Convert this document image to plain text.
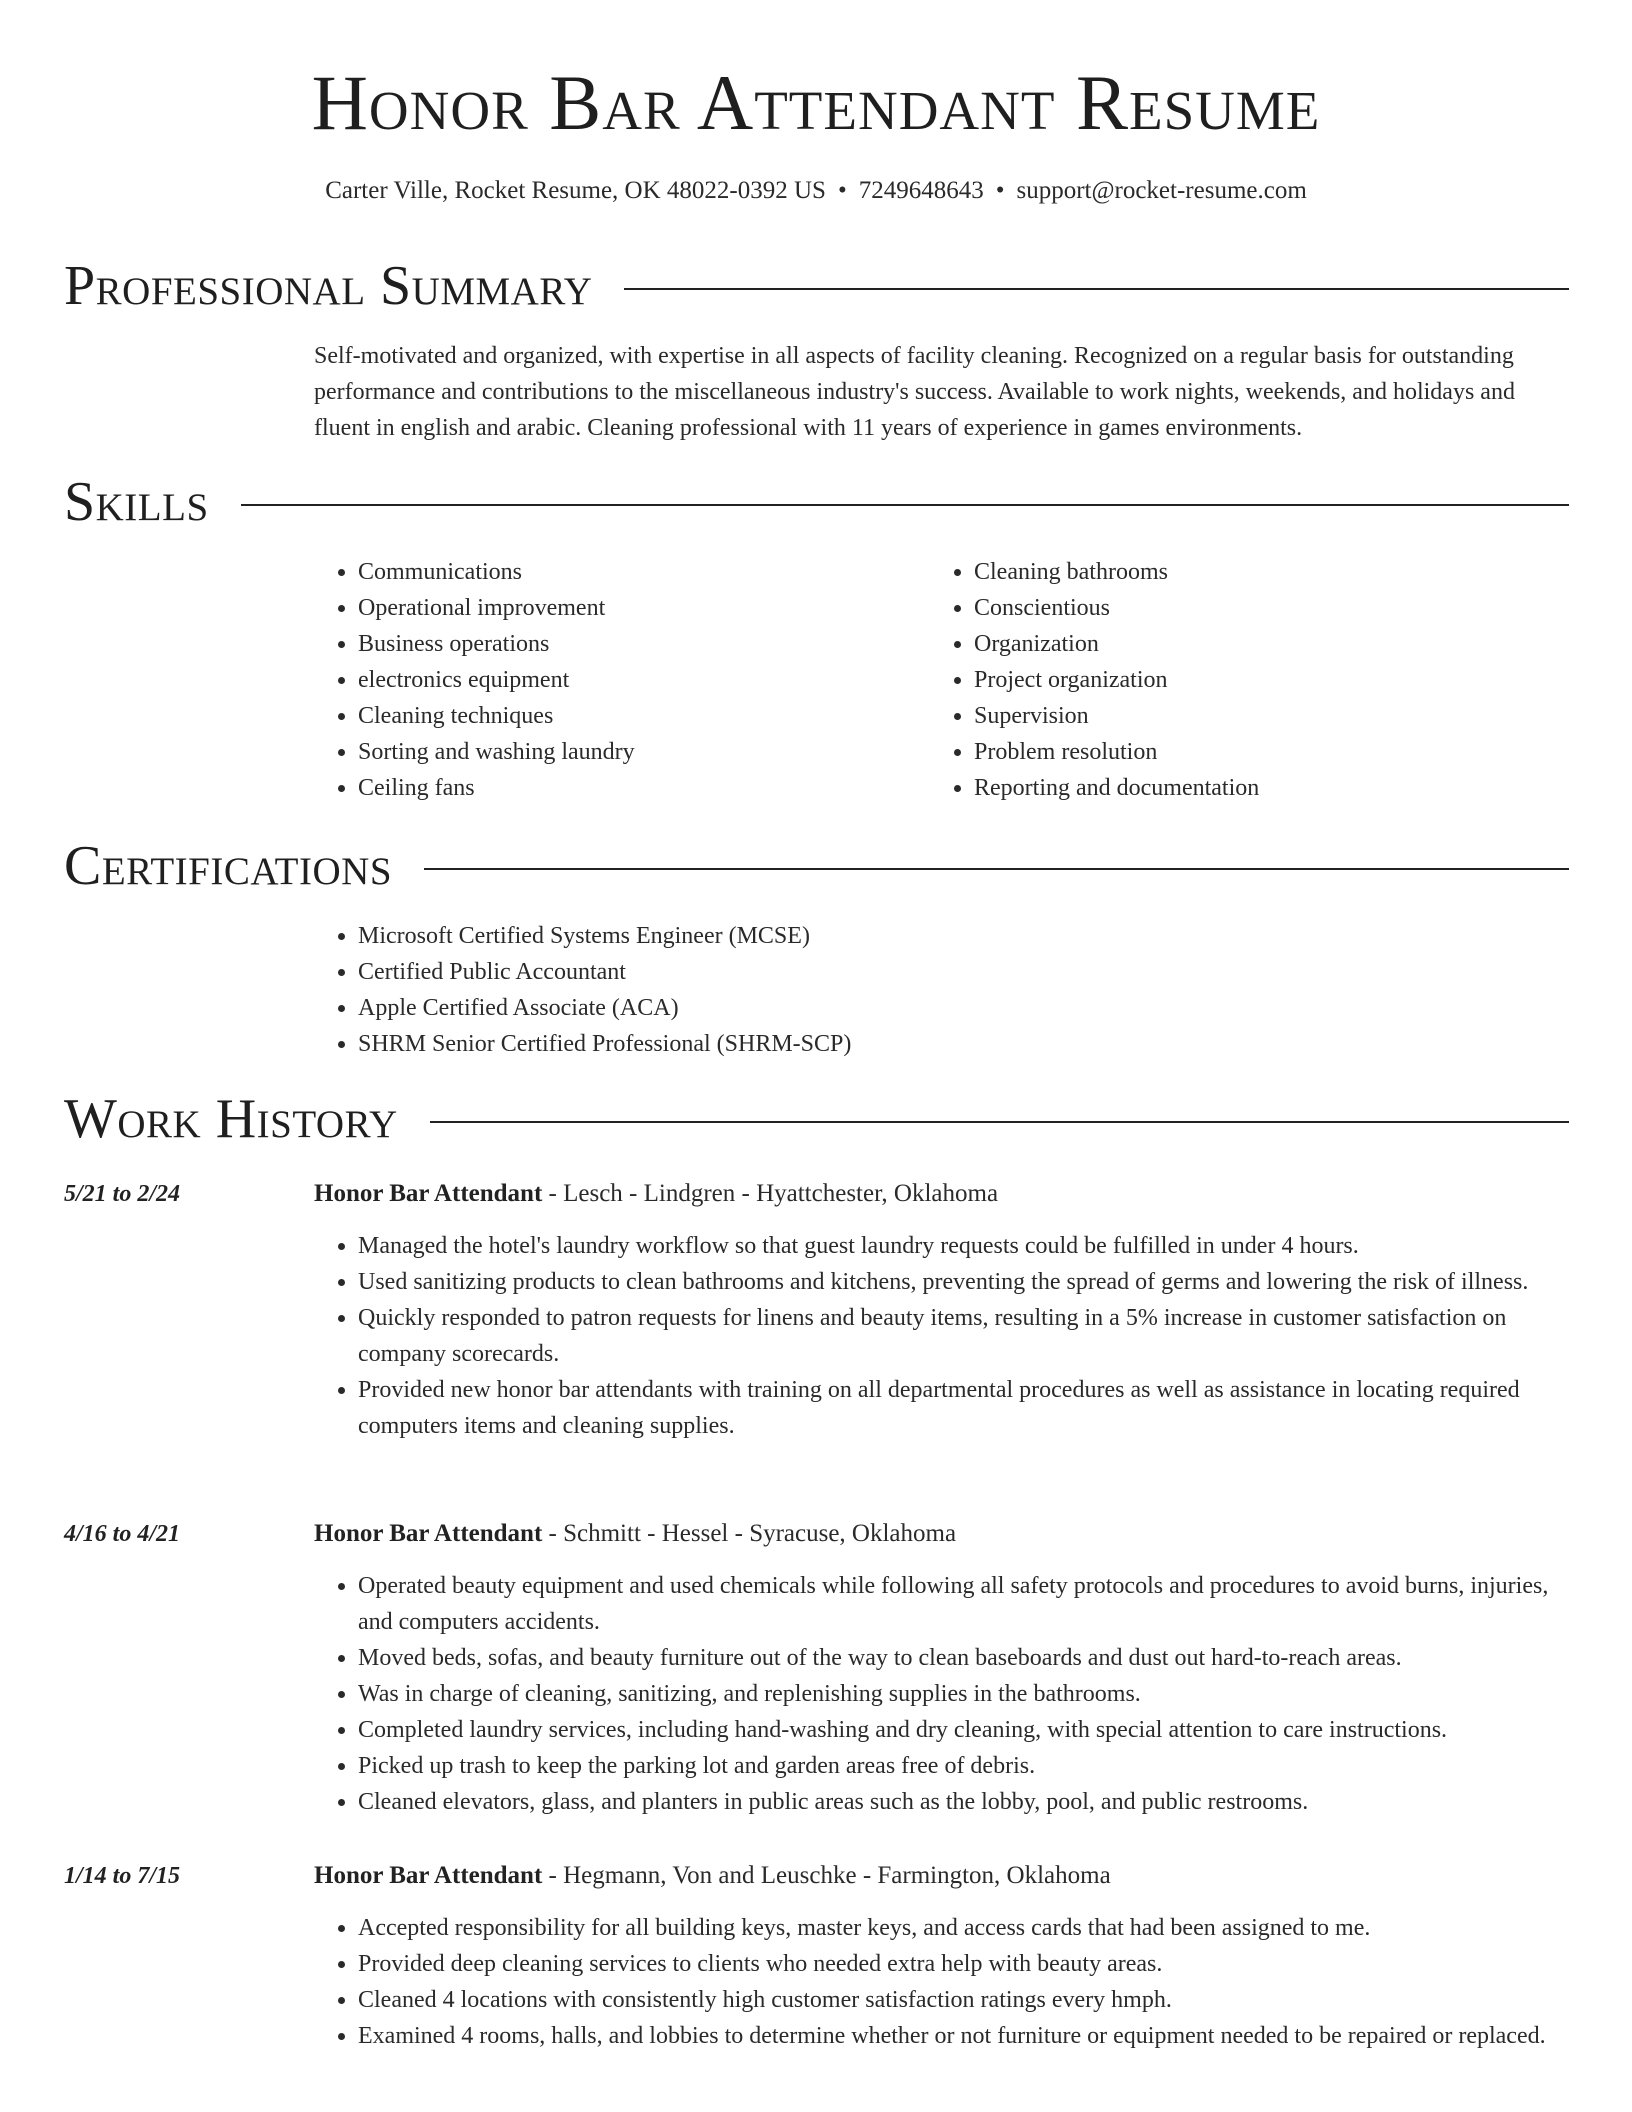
Honor Bar Attendant Resume
Carter Ville, Rocket Resume, OK 48022-0392 US • 7249648643 • support@rocket-resume.com
Professional Summary

Self-motivated and organized, with expertise in all aspects of facility cleaning. Recognized on a regular basis for outstanding performance and contributions to the miscellaneous industry's success. Available to work nights, weekends, and holidays and fluent in english and arabic. Cleaning professional with 11 years of experience in games environments.

Skills
• Communications
• Operational improvement
• Business operations
• electronics equipment
• Cleaning techniques
• Sorting and washing laundry
• Ceiling fans
• Cleaning bathrooms
• Conscientious
• Organization
• Project organization
• Supervision
• Problem resolution
• Reporting and documentation
Certifications
• Microsoft Certified Systems Engineer (MCSE)
• Certified Public Accountant
• Apple Certified Associate (ACA)
• SHRM Senior Certified Professional (SHRM-SCP)
Work History
5/21 to 2/24	Honor Bar Attendant - Lesch - Lindgren - Hyattchester, Oklahoma
• Managed the hotel's laundry workflow so that guest laundry requests could be fulfilled in under 4 hours.
• Used sanitizing products to clean bathrooms and kitchens, preventing the spread of germs and lowering the risk of illness.
• Quickly responded to patron requests for linens and beauty items, resulting in a 5% increase in customer satisfaction on company scorecards.
• Provided new honor bar attendants with training on all departmental procedures as well as assistance in locating required computers items and cleaning supplies.
4/16 to 4/21	Honor Bar Attendant - Schmitt - Hessel - Syracuse, Oklahoma
• Operated beauty equipment and used chemicals while following all safety protocols and procedures to avoid burns, injuries, and computers accidents.
• Moved beds, sofas, and beauty furniture out of the way to clean baseboards and dust out hard-to-reach areas.
• Was in charge of cleaning, sanitizing, and replenishing supplies in the bathrooms.
• Completed laundry services, including hand-washing and dry cleaning, with special attention to care instructions.
• Picked up trash to keep the parking lot and garden areas free of debris.
• Cleaned elevators, glass, and planters in public areas such as the lobby, pool, and public restrooms.
1/14 to 7/15	Honor Bar Attendant - Hegmann, Von and Leuschke - Farmington, Oklahoma
• Accepted responsibility for all building keys, master keys, and access cards that had been assigned to me.
• Provided deep cleaning services to clients who needed extra help with beauty areas.
• Cleaned 4 locations with consistently high customer satisfaction ratings every hmph.
• Examined 4 rooms, halls, and lobbies to determine whether or not furniture or equipment needed to be repaired or replaced.
